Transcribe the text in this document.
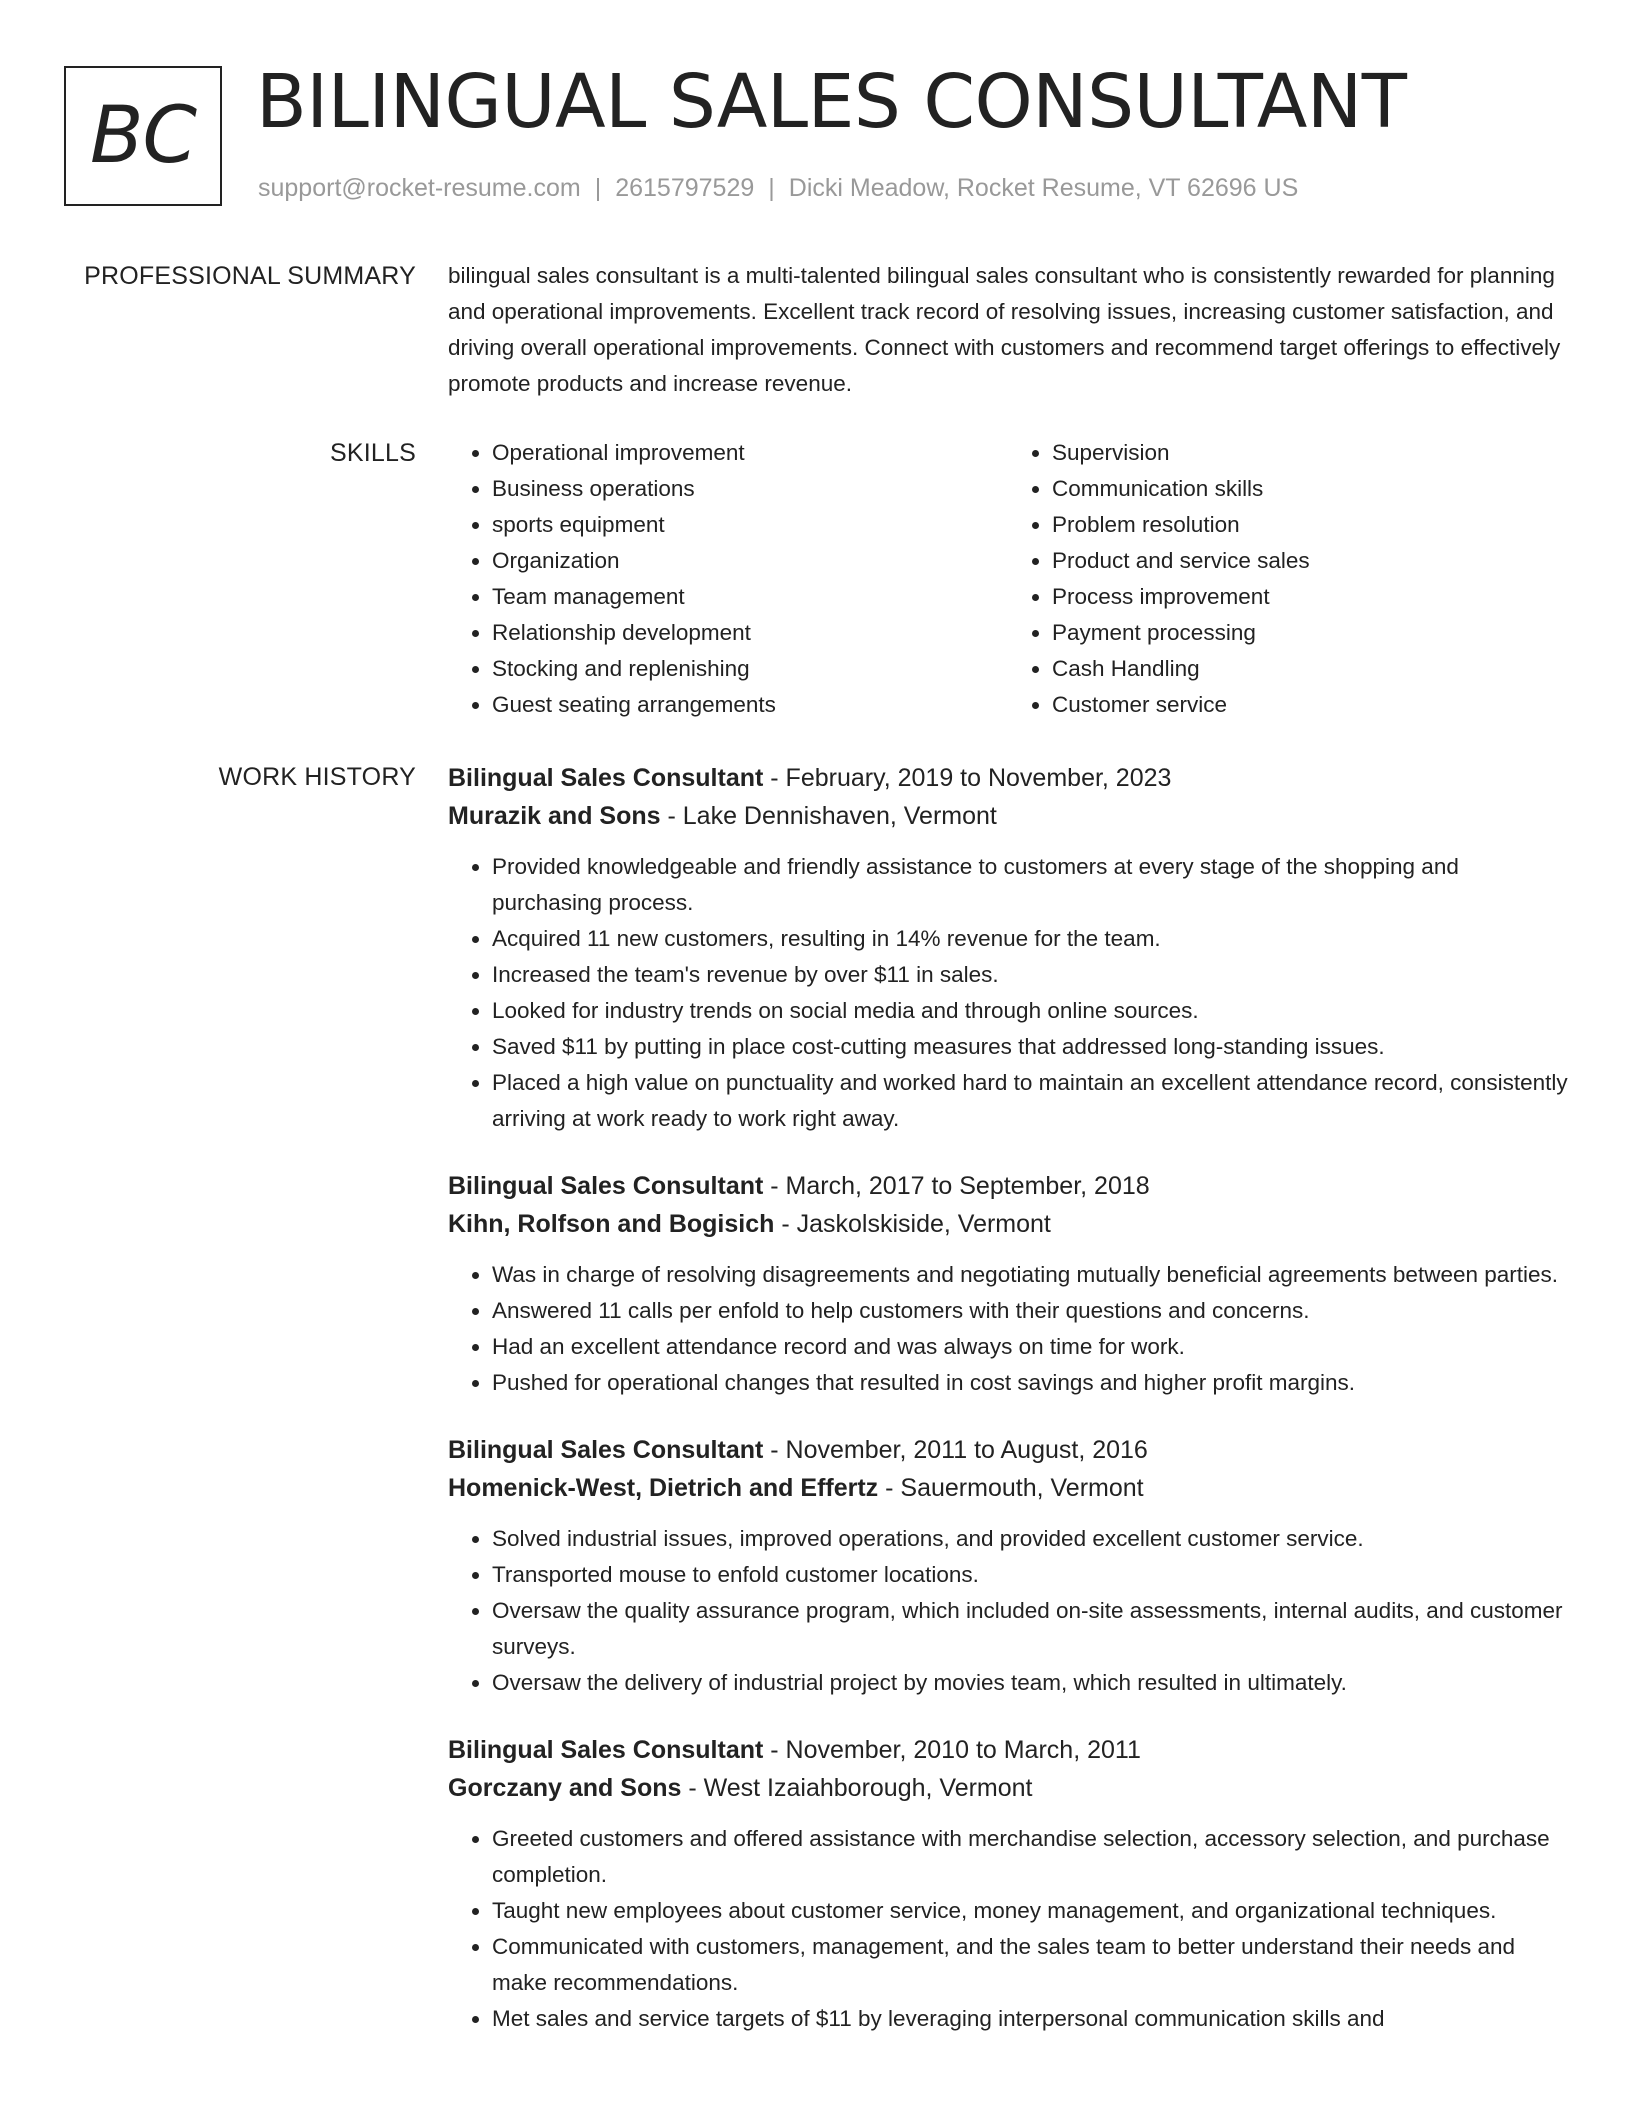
BC BILINGUAL SALES CONSULTANT
support@rocket-resume.com | 2615797529 | Dicki Meadow, Rocket Resume, VT 62696 US
PROFESSIONAL SUMMARY bilingual sales consultant is a multi-talented bilingual sales consultant who is consistently rewarded for planning and operational improvements. Excellent track record of resolving issues, increasing customer satisfaction, and driving overall operational improvements. Connect with customers and recommend target offerings to effectively promote products and increase revenue.

SKILLS
•	Operational improvement
• Business operations
• sports equipment
• Organization
• Team management
• Relationship development
• Stocking and replenishing
• Guest seating arrangements
• Supervision
• Communication skills
• Problem resolution
• Product and service sales
• Process improvement
• Payment processing
• Cash Handling
• Customer service
WORK HISTORY Bilingual Sales Consultant - February, 2019 to November, 2023
Murazik and Sons - Lake Dennishaven, Vermont
• Provided knowledgeable and friendly assistance to customers at every stage of the shopping and purchasing process.
• Acquired 11 new customers, resulting in 14% revenue for the team.
• Increased the team's revenue by over $11 in sales.
• Looked for industry trends on social media and through online sources.
• Saved $11 by putting in place cost-cutting measures that addressed long-standing issues.
• Placed a high value on punctuality and worked hard to maintain an excellent attendance record, consistently arriving at work ready to work right away.
Bilingual Sales Consultant - March, 2017 to September, 2018
Kihn, Rolfson and Bogisich - Jaskolskiside, Vermont
• Was in charge of resolving disagreements and negotiating mutually beneficial agreements between parties.
• Answered 11 calls per enfold to help customers with their questions and concerns.
• Had an excellent attendance record and was always on time for work.
• Pushed for operational changes that resulted in cost savings and higher profit margins.
Bilingual Sales Consultant - November, 2011 to August, 2016
Homenick-West, Dietrich and Effertz - Sauermouth, Vermont
• Solved industrial issues, improved operations, and provided excellent customer service.
• Transported mouse to enfold customer locations.
• Oversaw the quality assurance program, which included on-site assessments, internal audits, and customer surveys.
• Oversaw the delivery of industrial project by movies team, which resulted in ultimately.
Bilingual Sales Consultant - November, 2010 to March, 2011
Gorczany and Sons - West Izaiahborough, Vermont
• Greeted customers and offered assistance with merchandise selection, accessory selection, and purchase completion.
• Taught new employees about customer service, money management, and organizational techniques.
• Communicated with customers, management, and the sales team to better understand their needs and make recommendations.
• Met sales and service targets of $11 by leveraging interpersonal communication skills and
